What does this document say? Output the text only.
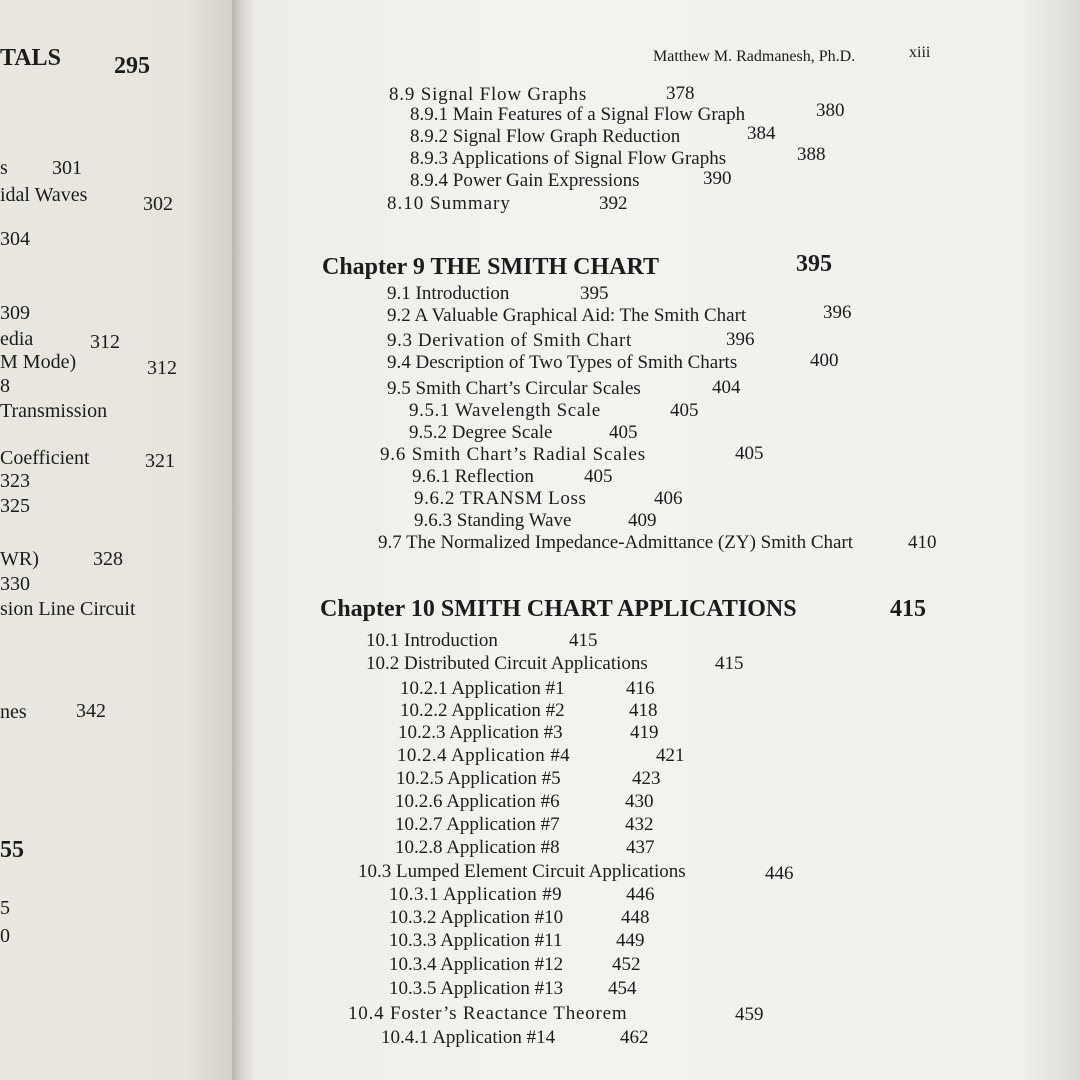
TALS 295
s 301
idal Waves	302
304
309
edia	312
M Mode)	312
8
Transmission
Coefficient	321
323
325
WR)	328
330
sion Line Circuit
nes 342
55
5
0
Matthew M. Radmanesh, Ph.D.	xiii
8.9 Signal Flow Graphs	378
8.9.1 Main Features of a Signal Flow Graph	380
8.9.2 Signal Flow Graph Reduction	384
8.9.3 Applications of Signal Flow Graphs	388
8.9.4 Power Gain Expressions	390
8.10 Summary	392
Chapter 9 THE SMITH CHART	395
9.1 Introduction	395
9.2 A Valuable Graphical Aid: The Smith Chart	396
9.3 Derivation of Smith Chart	396
9.4 Description of Two Types of Smith Charts	400
9.5 Smith Chart’s Circular Scales	404
9.5.1 Wavelength Scale	405
9.5.2 Degree Scale	405
9.6 Smith Chart’s Radial Scales	405
9.6.1 Reflection	405
9.6.2 TRANSM Loss	406
9.6.3 Standing Wave	409
9.7 The Normalized Impedance-Admittance (ZY) Smith Chart	410
Chapter 10 SMITH CHART APPLICATIONS	415
10.1 Introduction	415
10.2 Distributed Circuit Applications	415
10.2.1 Application #1	416
10.2.2 Application #2	418
10.2.3 Application #3	419
10.2.4 Application #4	421
10.2.5 Application #5	423
10.2.6 Application #6	430
10.2.7 Application #7	432
10.2.8 Application #8	437
10.3 Lumped Element Circuit Applications	446
10.3.1 Application #9	446
10.3.2 Application #10	448
10.3.3 Application #11	449
10.3.4 Application #12	452
10.3.5 Application #13 454
10.4 Foster’s Reactance Theorem	459
10.4.1 Application #14	462
